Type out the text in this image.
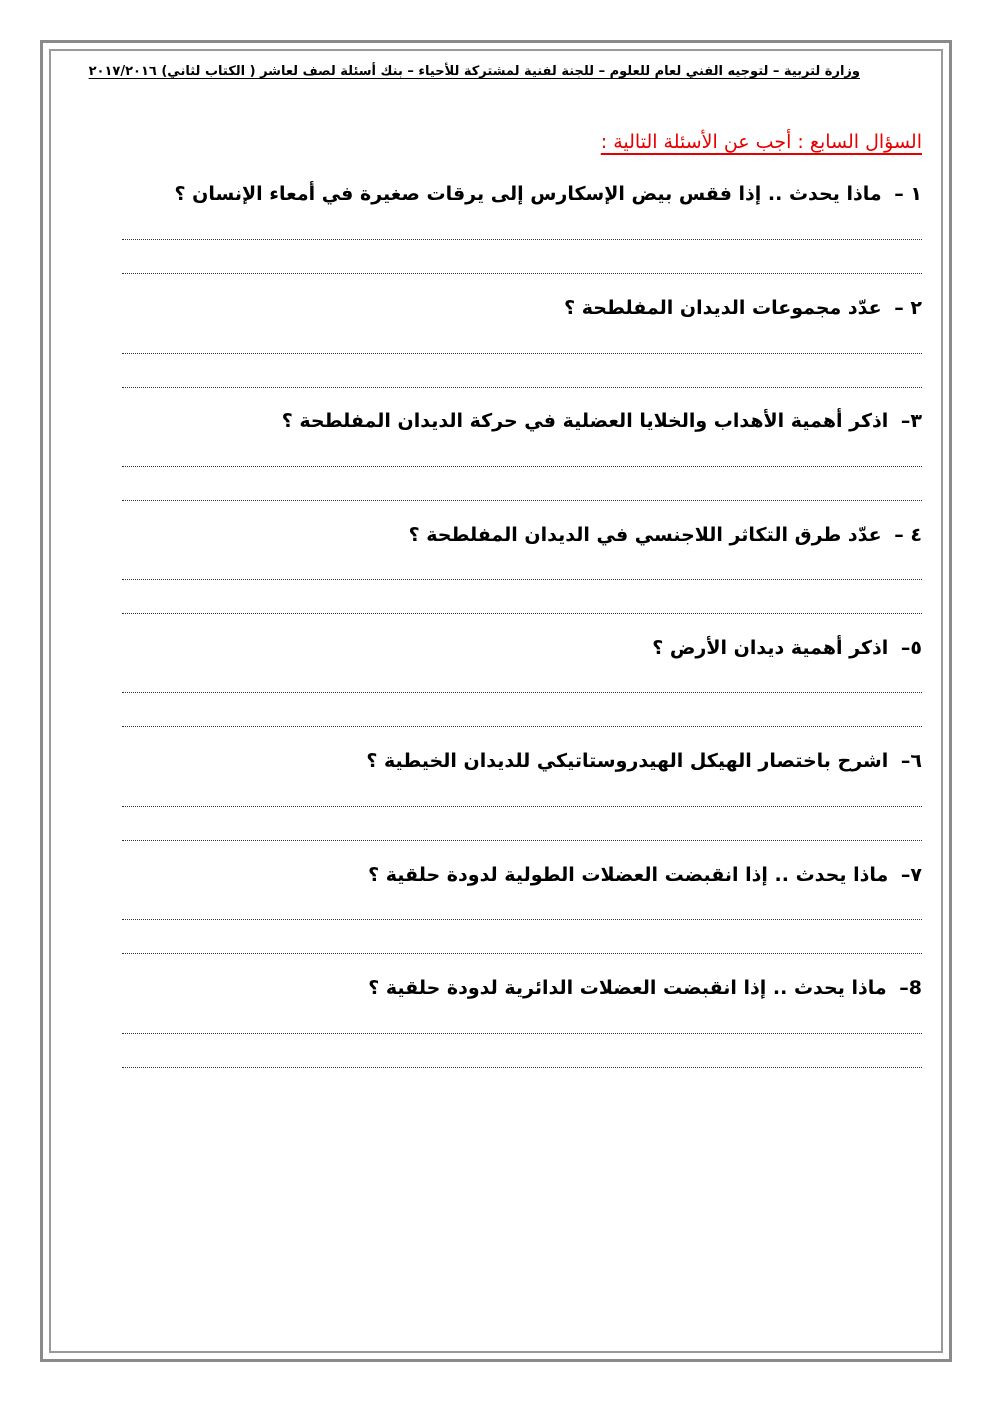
وزارة لتربية – لتوجيه الفني لعام للعلوم – للجنة لفنية لمشتركة للأحياء – بنك أسئلة لصف لعاشر ( الكتاب لثاني) ٢٠١٧/٢٠١٦
السؤال السابع : أجب عن الأسئلة التالية :
١ – ماذا يحدث .. إذا فقس بيض الإسكارس إلى يرقات صغيرة في أمعاء الإنسان ؟
٢ – عدّد مجموعات الديدان المفلطحة ؟
٣– اذكر أهمية الأهداب والخلايا العضلية في حركة الديدان المفلطحة ؟
٤ – عدّد طرق التكاثر اللاجنسي في الديدان المفلطحة ؟
٥– اذكر أهمية ديدان الأرض ؟
٦– اشرح باختصار الهيكل الهيدروستاتيكي للديدان الخيطية ؟
٧– ماذا يحدث .. إذا انقبضت العضلات الطولية لدودة حلقية ؟
8– ماذا يحدث .. إذا انقبضت العضلات الدائرية لدودة حلقية ؟
